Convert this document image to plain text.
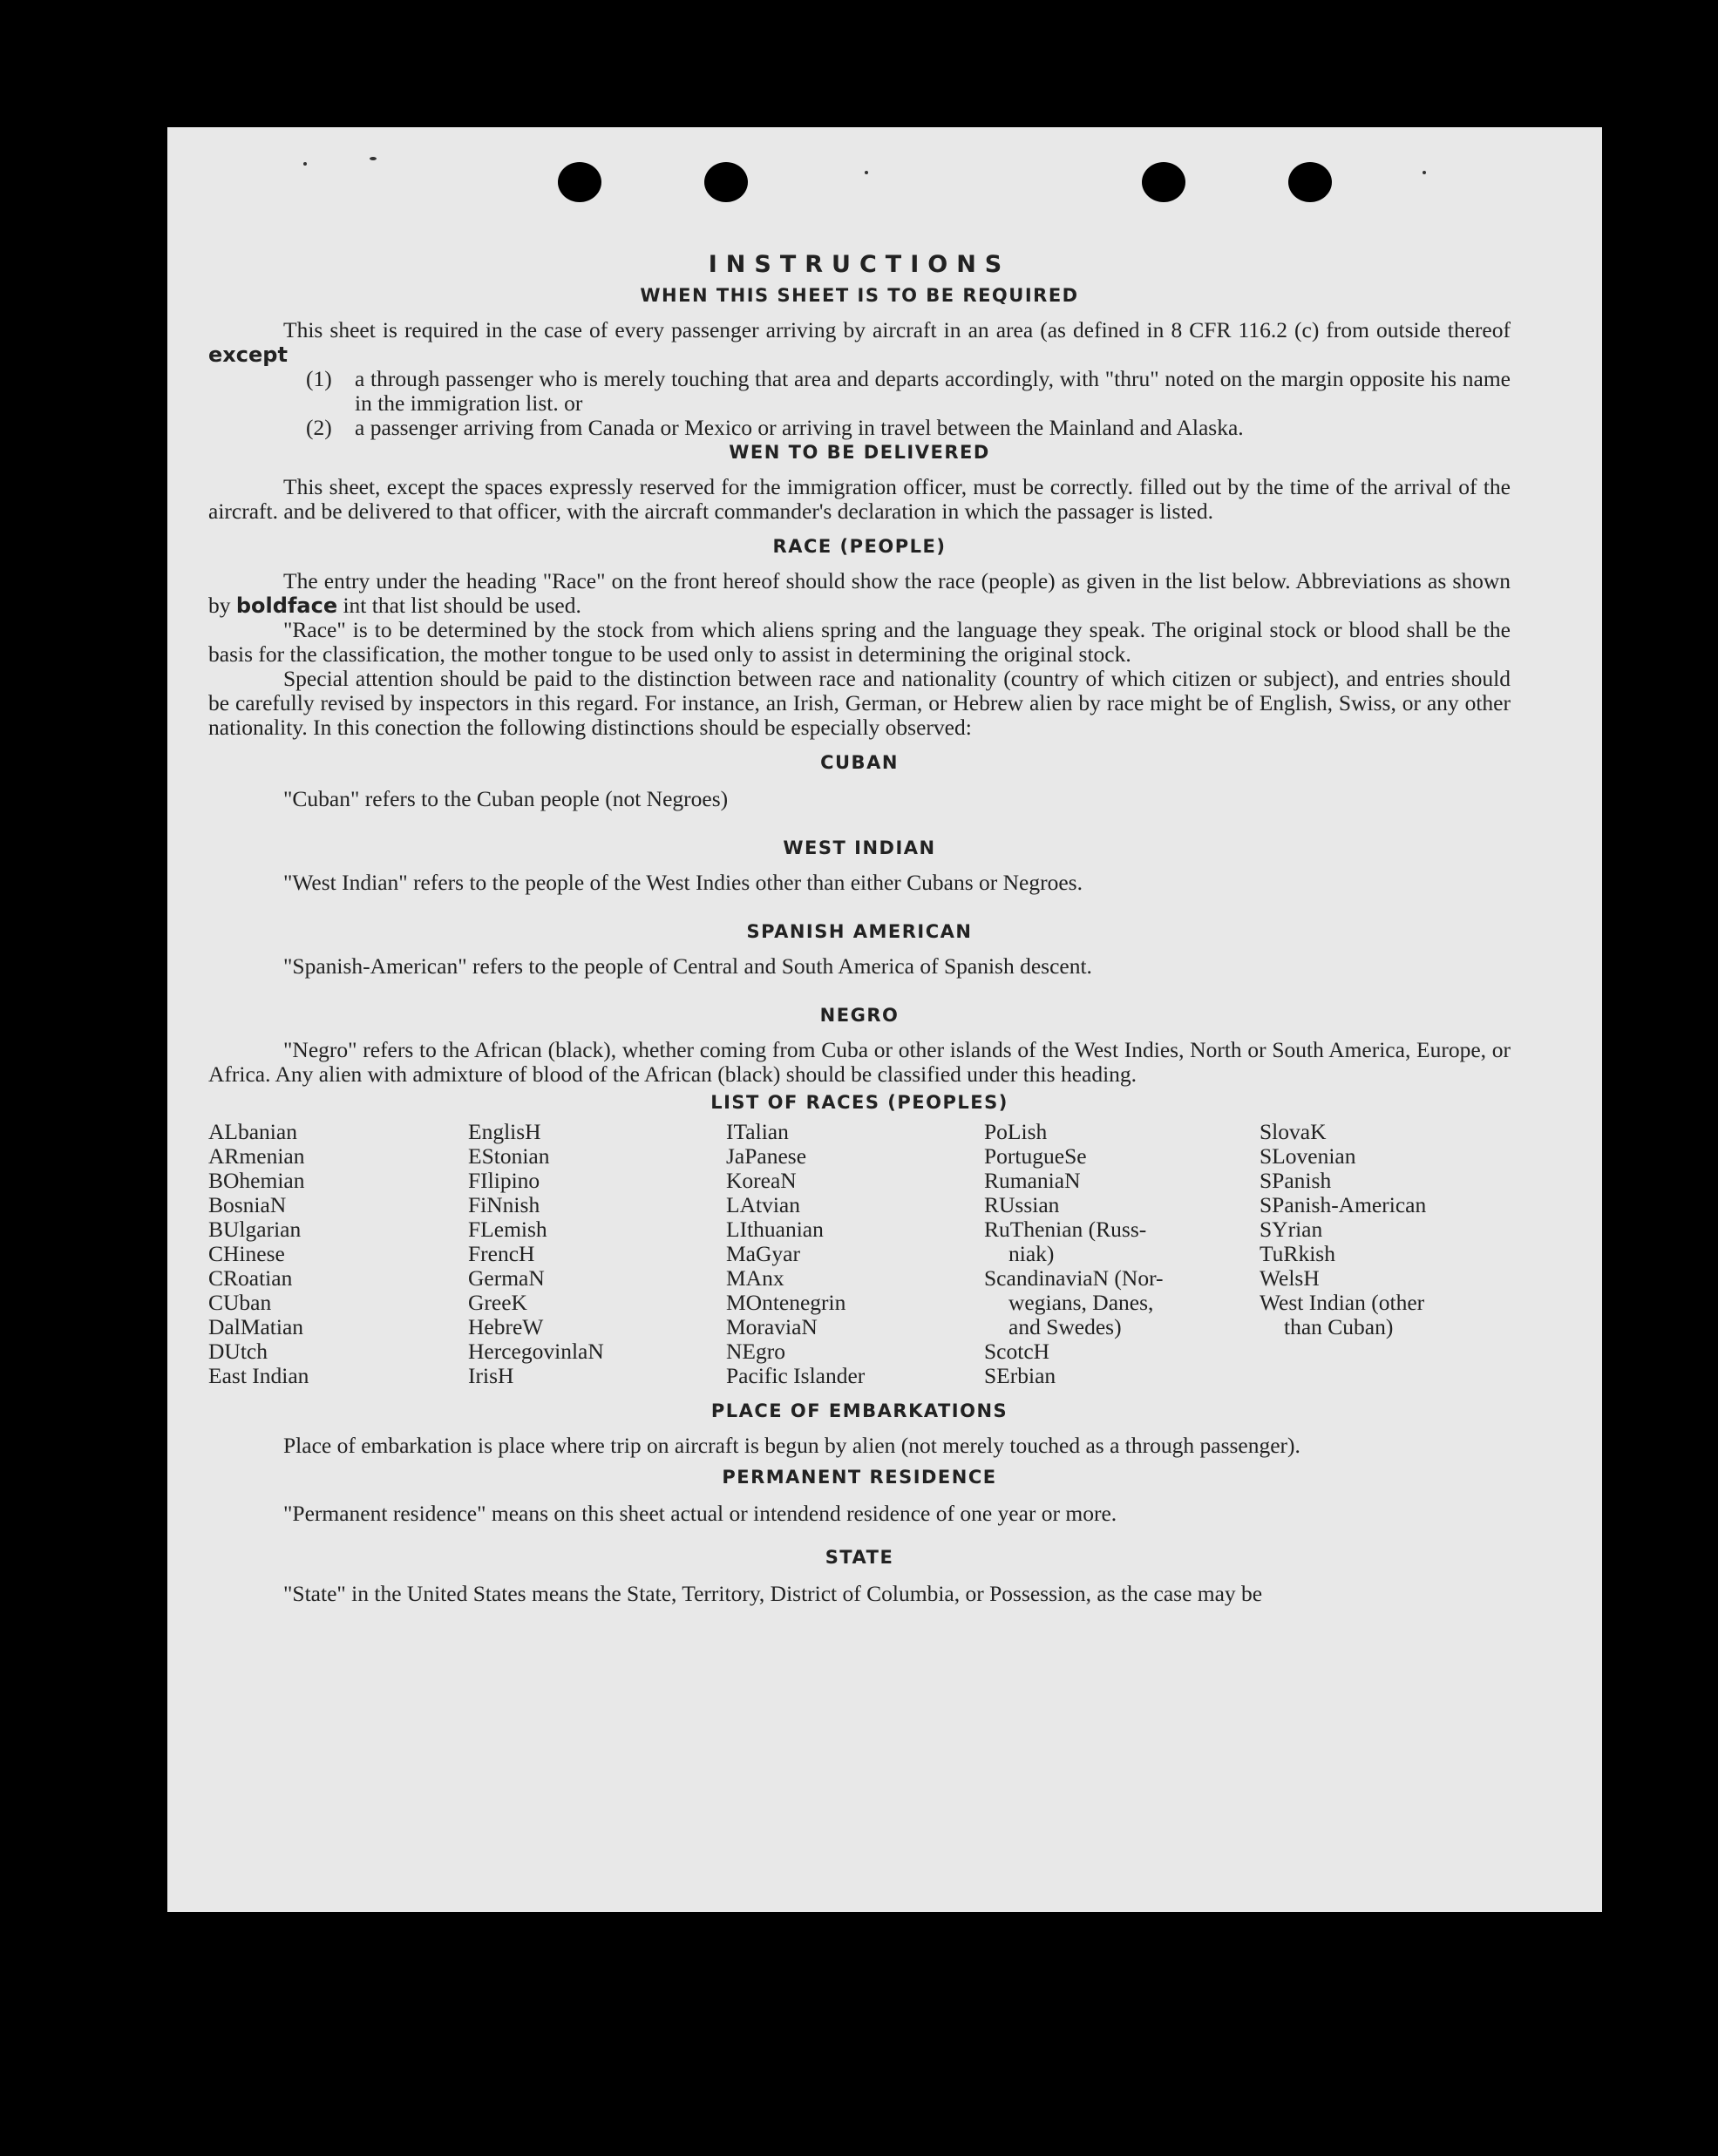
INSTRUCTIONS
WHEN THIS SHEET IS TO BE REQUIRED

This sheet is required in the case of every passenger arriving by aircraft in an area (as defined in 8 CFR 116.2 (c) from outside thereof except

(1)	a through passenger who is merely touching that area and departs accordingly, with "thru" noted on the margin opposite his name in the immigration list. or
(2)	a passenger arriving from Canada or Mexico or arriving in travel between the Mainland and Alaska.
WEN TO BE DELIVERED

This sheet, except the spaces expressly reserved for the immigration officer, must be correctly. filled out by the time of the arrival of the aircraft. and be delivered to that officer, with the aircraft commander's declaration in which the passager is listed.

RACE (PEOPLE)

The entry under the heading "Race" on the front hereof should show the race (people) as given in the list below. Abbreviations as shown by boldface int that list should be used.

"Race" is to be determined by the stock from which aliens spring and the language they speak. The original stock or blood shall be the basis for the classification, the mother tongue to be used only to assist in determining the original stock.

Special attention should be paid to the distinction between race and nationality (country of which citizen or subject), and entries should be carefully revised by inspectors in this regard. For instance, an Irish, German, or Hebrew alien by race might be of English, Swiss, or any other nationality. In this conection the following distinctions should be especially observed:

CUBAN

"Cuban" refers to the Cuban people (not Negroes)

WEST INDIAN

"West Indian" refers to the people of the West Indies other than either Cubans or Negroes.

SPANISH AMERICAN

"Spanish-American" refers to the people of Central and South America of Spanish descent.

NEGRO

"Negro" refers to the African (black), whether coming from Cuba or other islands of the West Indies, North or South America, Europe, or Africa. Any alien with admixture of blood of the African (black) should be classified under this heading.

LIST OF RACES (PEOPLES)
ALbanian
ARmenian
BOhemian
BosniaN
BUlgarian
CHinese
CRoatian
CUban
DalMatian
DUtch
East Indian
EnglisH
EStonian
FIlipino
FiNnish
FLemish
FrencH
GermaN
GreeK
HebreW
HercegovinlaN
IrisH
ITalian
JaPanese
KoreaN
LAtvian
LIthuanian
MaGyar
MAnx
MOntenegrin
MoraviaN
NEgro
Pacific Islander
PoLish
PortugueSe
RumaniaN
RUssian
RuThenian (Russ-
niak)
ScandinaviaN (Nor-
wegians, Danes,
and Swedes)
ScotcH
SErbian
SlovaK
SLovenian
SPanish
SPanish-American
SYrian
TuRkish
WelsH
West Indian (other
than Cuban)
PLACE OF EMBARKATIONS

Place of embarkation is place where trip on aircraft is begun by alien (not merely touched as a through passenger).

PERMANENT RESIDENCE

"Permanent residence" means on this sheet actual or intendend residence of one year or more.

STATE

"State" in the United States means the State, Territory, District of Columbia, or Possession, as the case may be
